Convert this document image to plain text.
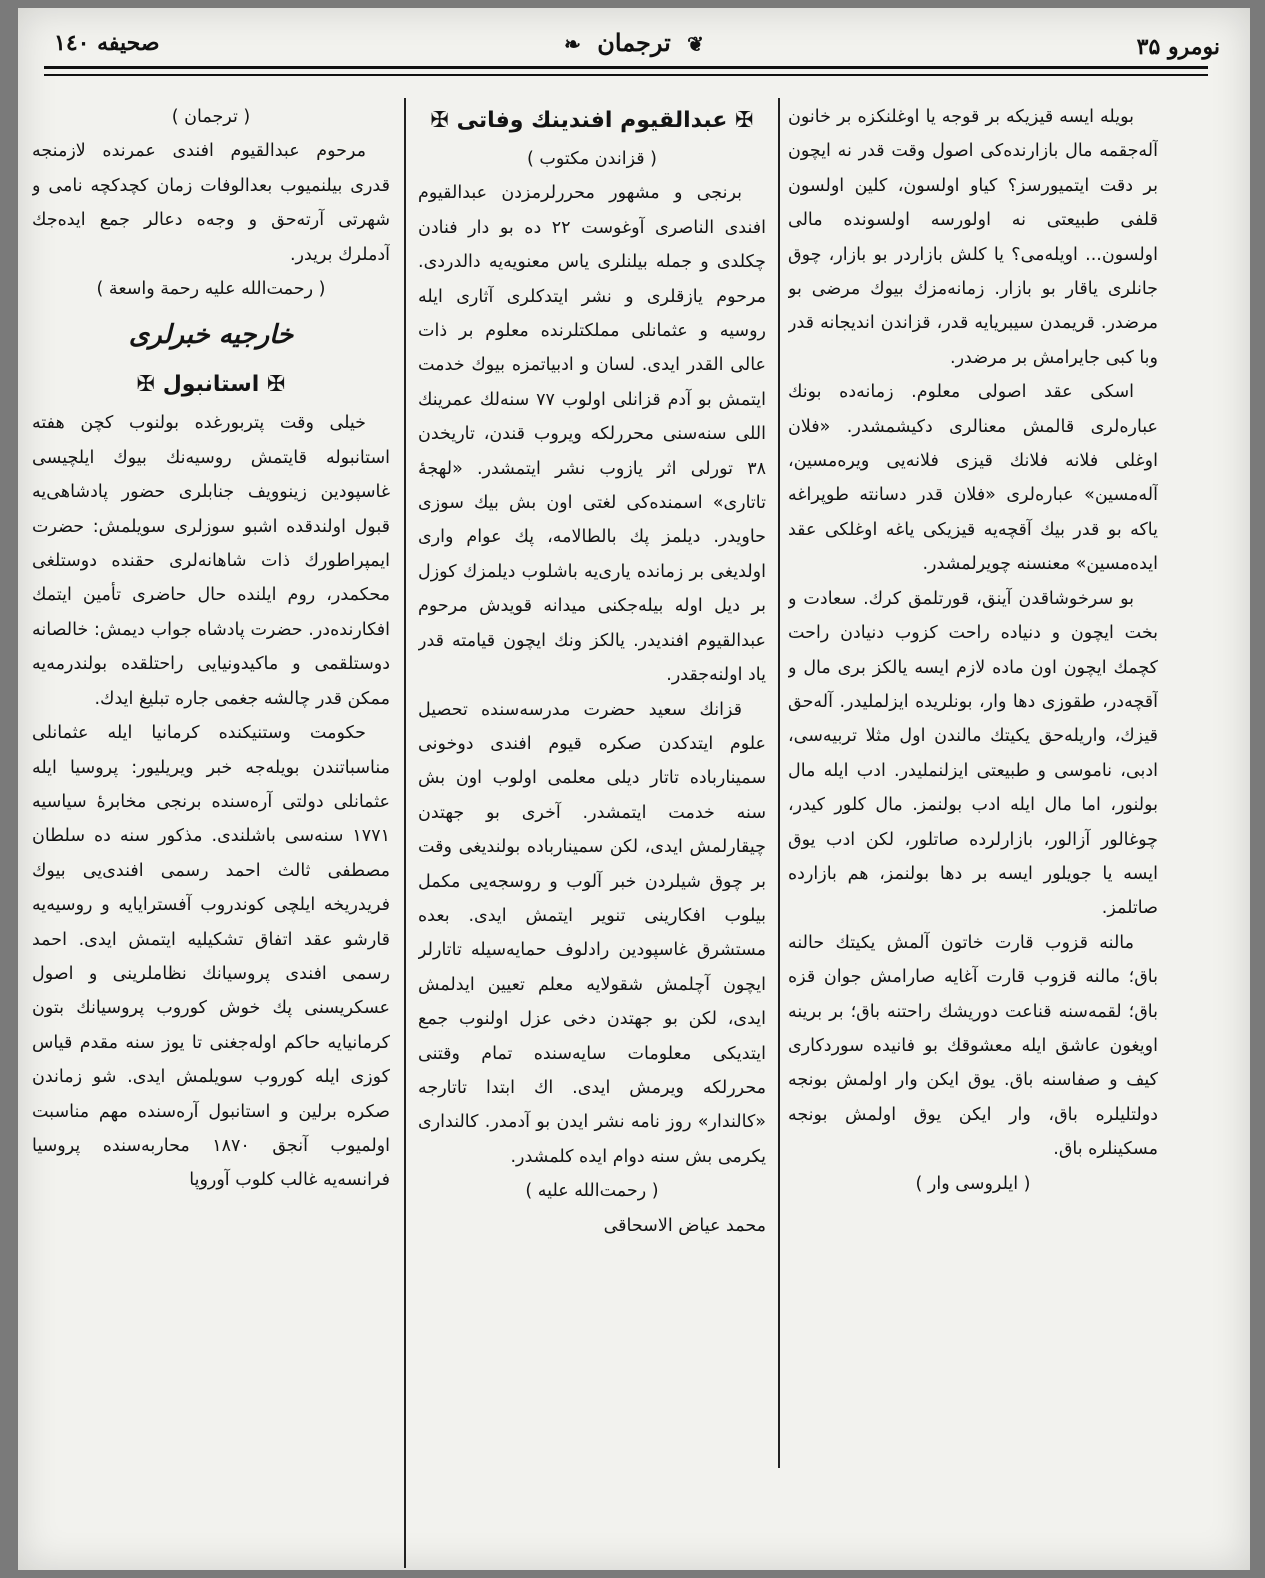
نومرو ۳۵
❦ ترجمان ❧
صحیفه ١٤٠

بویله ایسه قیزیکه بر قوجه یا اوغلنکزه بر خانون آله‌جقمه مال بازارنده‌کی اصول وقت قدر نه ایچون بر دقت ایتمیورسز؟ کیاو اولسون، کلین اولسون قلفی طبیعتی نه اولورسه اولسونده مالی اولسون... اویله‌می؟ یا کلش بازاردر بو بازار، چوق جانلری یاقار بو بازار. زمانه‌مزك بیوك مرضی بو مرضدر. قریمدن سیبریایه قدر، قزاندن اندیجانه قدر وبا کبی جایرامش بر مرضدر.

اسکی عقد اصولی معلوم. زمانه‌ده بونك عباره‌لری قالمش معنالری دکیشمشدر. «فلان اوغلی فلانه فلانك قیزی فلانه‌یی ویره‌مسین، آله‌مسین» عباره‌لری «فلان قدر دسانته طوپراغه یاکه بو قدر بیك آقچه‌یه قیزیکی یا‌غه اوغلکی عقد ایده‌مسین» معنسنه چویرلمشدر.

بو سرخوشاقدن آینق، قورتلمق کرك. سعادت و بخت ایچون و دنیاده راحت کزوب دنیادن راحت کچمك ایچون اون ماده لازم ایسه یالکز بری مال و آقچه‌در، طقوزی دها وار، بونلریده ایزلملیدر. آله‌حق قیزك، وار‌یله‌حق یکیتك مالندن اول مثلا تربیه‌سی، ادبی، ناموسی و طبیعتی ایزلنملیدر. ادب ایله مال بولنور، اما مال ایله ادب بولنمز. مال کلور کیدر، چوغالور آزالور، بازارلرده صاتلور، لکن ادب یوق ایسه یا جویلور ایسه بر دها بولنمز، هم بازارده صاتلمز.

مالنه قزوب قارت خاتون آلمش یکیتك حالنه باق؛ مالنه قزوب قارت آغایه صارامش جوان قزه باق؛ لقمه‌سنه قناعت دوریشك راحتنه باق؛ بر برینه اویغون عاشق ایله معشوقك بو فانیده سوردکاری کیف و صفاسنه باق. یوق ایکن وار اولمش بونجه دولتلیلره باق، وار ایکن یوق اولمش بونجه مسکینلره باق.

( ایلروسی وار )

✠ عبدالقیوم افندینك وفاتی ✠

( قزاندن مکتوب )

برنجی و مشهور محررلرمزدن عبدالقیوم افندی الناصری آوغوست ۲۲ ده بو دار فنادن چکلدی و جمله بیلنلری یاس معنویه‌یه دالدردی. مرحوم یازقلری و نشر ایتدکلری آثاری ایله روسیه و عثمانلی مملکتلرنده معلوم بر ذات عالی القدر ایدی. لسان و ادبیاتمزه بیوك خدمت ایتمش بو آدم قزانلی اولوب ۷۷ سنه‌لك عمرینك اللی سنه‌سنی محررلکه ویروب قندن، تاریخدن ۳۸ تورلی اثر یازوب نشر ایتمشدر. «لهجهٔ تاتاری» اسمنده‌کی لغتی اون بش بیك سوزی حاویدر. دیلمز پك بالطالامه، پك عوام واری اولدیغی بر زمانده یاری‌یه باشلوب دیلمزك کوزل بر دیل اوله بیله‌جکنی میدانه قویدش مرحوم عبدالقیوم افندیدر. یالکز ونك ایچون قیامته قدر یاد اولنه‌جقدر.

قزانك سعید حضرت مدرسه‌سنده تحصیل علوم ایتدکدن صکره قیوم افندی دوخونی سمینارباده تاتار دیلی معلمی اولوب اون بش سنه خدمت ایتمشدر. آخری بو جهتدن چیقارلمش ایدی، لکن سمینارباده بولندیغی وقت بر چوق شیلردن خبر آلوب و روسجه‌یی مکمل بیلوب افکارینی تنویر ایتمش ایدی. بعده مستشرق غاسپودین رادلوف حمایه‌سیله تاتارلر ایچون آچلمش شقولایه معلم تعیین ایدلمش ایدی، لکن بو جهتدن دخی عزل اولنوب جمع ایتدیکی معلومات سایه‌سنده تمام وقتنی محررلکه ویرمش ایدی. اك ابتدا تاتارجه «کالندار» روز نامه نشر ایدن بو آدمدر. کالنداری یکرمی بش سنه دوام ایده کلمشدر.

( رحمت‌الله علیه )

محمد عیاض الاسحاقی

( ترجمان )

مرحوم عبدالقیوم افندی عمرنده لازمنجه قدری بیلنمیوب بعدالوفات زمان کچدکچه نامی و شهرتی آرته‌حق و وجه‌ه دعالر جمع ایده‌جك آدملرك بریدر.

( رحمت‌الله علیه رحمة واسعة )

خارجیه خبرلری

✠ استانبول ✠

خیلی وقت پتربورغده بولنوب کچن هفته استانبوله قایتمش روسیه‌نك بیوك ایلچیسی غاسپودین زینوویف جنابلری حضور پادشاهی‌یه قبول اولندقده اشبو سوزلری سویلمش: حضرت ایمپراطورك ذات شاهانه‌لری حقنده دوستلغی محکمدر، روم ایلنده حال حاضری تأمین ایتمك افکارنده‌در. حضرت پادشاه جواب دیمش: خالصانه دوستلقمی و ماکیدونیایی راحتلقده بولندرمه‌یه ممکن قدر چالشه جغمی جاره تبلیغ ایدك.

حکومت وستنیکنده کرمانیا ایله عثمانلی مناسباتندن بویله‌جه خبر ویریلیور: پروسیا ایله عثمانلی دولتی آره‌سنده برنجی مخابرهٔ سیاسیه ۱۷۷۱ سنه‌سی باشلندی. مذکور سنه ده سلطان مصطفی ثالث احمد رسمی افندی‌یی بیوك فریدریخه ایلچی کوندروب آفسترایایه و روسیه‌یه قارشو عقد اتفاق تشکیلیه ایتمش ایدی. احمد رسمی افندی پروسیانك نظاملرینی و اصول عسکریسنی پك خوش کوروب پروسیانك بتون کرمانیایه حاکم اوله‌جغنی تا یوز سنه مقدم قیاس کوزی ایله کوروب سویلمش ایدی. شو زماندن صکره برلین و استانبول آره‌سنده مهم مناسبت اولمیوب آنجق ۱۸۷۰ محاربه‌سنده پروسیا فرانسه‌یه غالب کلوب آوروپا
